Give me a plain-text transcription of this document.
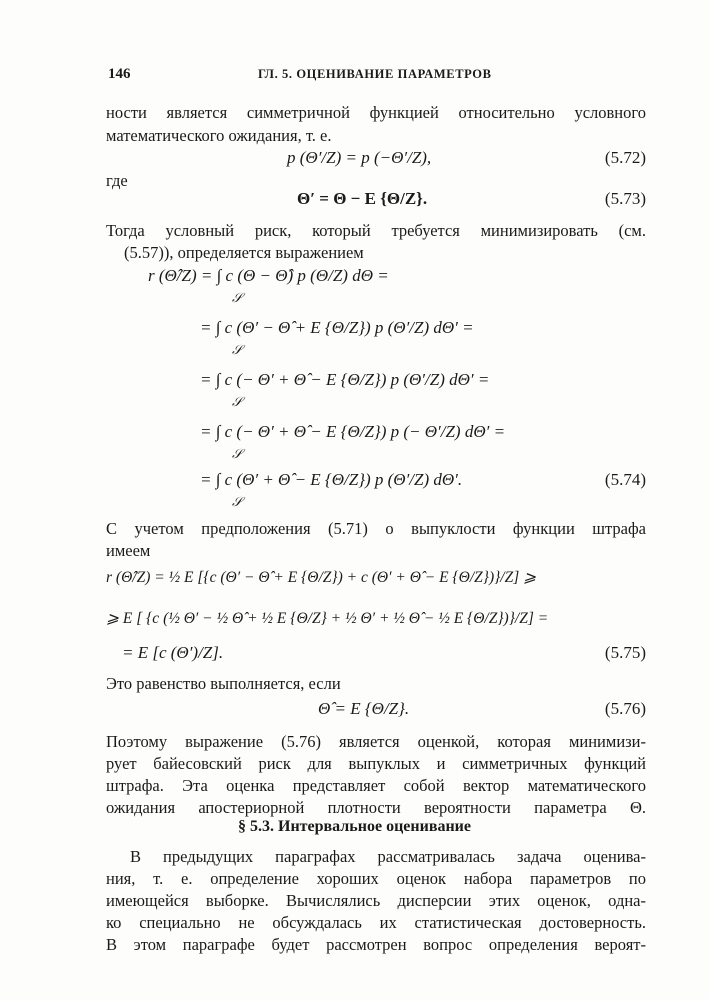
146	ГЛ. 5. ОЦЕНИВАНИЕ ПАРАМЕТРОВ
ности является симметричной функцией относительно условного
математического ожидания, т. е.
p (Θ′/Z) = p (−Θ′/Z),	(5.72)
где
Θ′ = Θ − E {Θ/Z}.	(5.73)
Тогда условный риск, который требуется минимизировать (см.
(5.57)), определяется выражением
r (Θ̂/Z) = ∫ c (Θ − Θ̂) p (Θ/Z) dΘ =
𝒮
= ∫ c (Θ′ − Θ̂ + E {Θ/Z}) p (Θ′/Z) dΘ′ =
𝒮
= ∫ c (− Θ′ + Θ̂ − E {Θ/Z}) p (Θ′/Z) dΘ′ =
𝒮
= ∫ c (− Θ′ + Θ̂ − E {Θ/Z}) p (− Θ′/Z) dΘ′ =
𝒮
= ∫ c (Θ′ + Θ̂ − E {Θ/Z}) p (Θ′/Z) dΘ′.
𝒮
(5.74)
С учетом предположения (5.71) о выпуклости функции штрафа
имеем
r (Θ̂/Z) = ½ E [{c (Θ′ − Θ̂ + E {Θ/Z}) + c (Θ′ + Θ̂ − E {Θ/Z})}/Z] ⩾
⩾ E [ {c (½ Θ′ − ½ Θ̂ + ½ E {Θ/Z} + ½ Θ′ + ½ Θ̂ − ½ E {Θ/Z})}/Z] =
= E [c (Θ′)/Z].	(5.75)
Это равенство выполняется, если
Θ̂ = E {Θ/Z}.	(5.76)
Поэтому выражение (5.76) является оценкой, которая минимизи-
рует байесовский риск для выпуклых и симметричных функций
штрафа. Эта оценка представляет собой вектор математического
ожидания апостериорной плотности вероятности параметра Θ.
§ 5.3. Интервальное оценивание
В предыдущих параграфах рассматривалась задача оценива-
ния, т. е. определение хороших оценок набора параметров по
имеющейся выборке. Вычислялись дисперсии этих оценок, одна-
ко специально не обсуждалась их статистическая достоверность.
В этом параграфе будет рассмотрен вопрос определения вероят-
